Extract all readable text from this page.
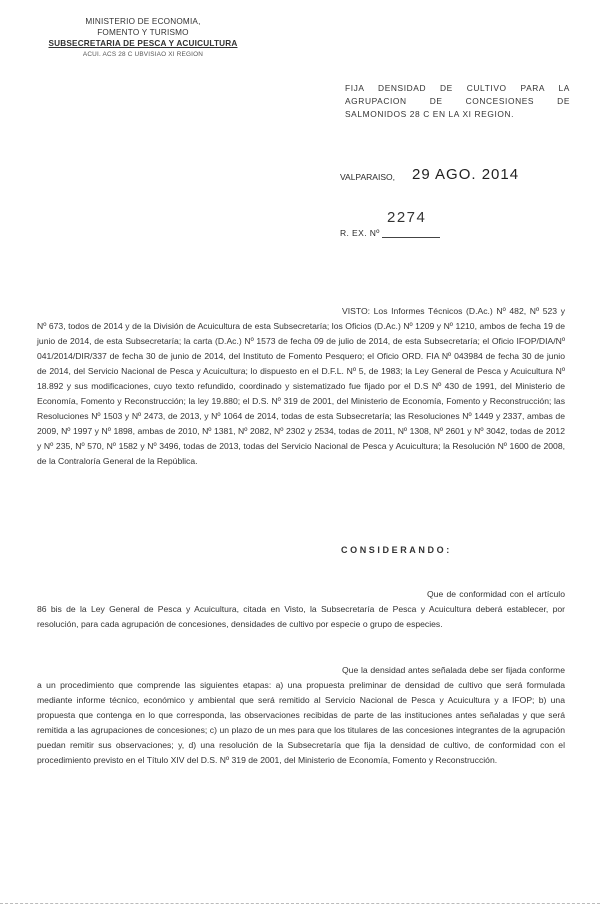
MINISTERIO DE ECONOMIA,
FOMENTO Y TURISMO
SUBSECRETARIA DE PESCA Y ACUICULTURA
ACUI. ACS 28 C UBVISIAO XI REGION
FIJA DENSIDAD DE CULTIVO PARA LA AGRUPACION DE CONCESIONES DE SALMONIDOS 28 C EN LA XI REGION.
VALPARAISO, 29 AGO. 2014
R. EX. Nº
2274
VISTO: Los Informes Técnicos (D.Ac.) Nº 482, Nº 523 y Nº 673, todos de 2014 y de la División de Acuicultura de esta Subsecretaría; los Oficios (D.Ac.) Nº 1209 y Nº 1210, ambos de fecha 19 de junio de 2014, de esta Subsecretaría; la carta (D.Ac.) Nº 1573 de fecha 09 de julio de 2014, de esta Subsecretaría; el Oficio IFOP/DIA/Nº 041/2014/DIR/337 de fecha 30 de junio de 2014, del Instituto de Fomento Pesquero; el Oficio ORD. FIA Nº 043984 de fecha 30 de junio de 2014, del Servicio Nacional de Pesca y Acuicultura; lo dispuesto en el D.F.L. Nº 5, de 1983; la Ley General de Pesca y Acuicultura Nº 18.892 y sus modificaciones, cuyo texto refundido, coordinado y sistematizado fue fijado por el D.S Nº 430 de 1991, del Ministerio de Economía, Fomento y Reconstrucción; la ley 19.880; el D.S. Nº 319 de 2001, del Ministerio de Economía, Fomento y Reconstrucción; las Resoluciones Nº 1503 y Nº 2473, de 2013, y Nº 1064 de 2014, todas de esta Subsecretaría; las Resoluciones Nº 1449 y 2337, ambas de 2009, Nº 1997 y Nº 1898, ambas de 2010, Nº 1381, Nº 2082, Nº 2302 y 2534, todas de 2011, Nº 1308, Nº 2601 y Nº 3042, todas de 2012 y Nº 235, Nº 570, Nº 1582 y Nº 3496, todas de 2013, todas del Servicio Nacional de Pesca y Acuicultura; la Resolución Nº 1600 de 2008, de la Contraloría General de la República.
CONSIDERANDO:
Que de conformidad con el artículo 86 bis de la Ley General de Pesca y Acuicultura, citada en Visto, la Subsecretaría de Pesca y Acuicultura deberá establecer, por resolución, para cada agrupación de concesiones, densidades de cultivo por especie o grupo de especies.
Que la densidad antes señalada debe ser fijada conforme a un procedimiento que comprende las siguientes etapas: a) una propuesta preliminar de densidad de cultivo que será formulada mediante informe técnico, económico y ambiental que será remitido al Servicio Nacional de Pesca y Acuicultura y a IFOP; b) una propuesta que contenga en lo que corresponda, las observaciones recibidas de parte de las instituciones antes señaladas y que será remitida a las agrupaciones de concesiones; c) un plazo de un mes para que los titulares de las concesiones integrantes de la agrupación puedan remitir sus observaciones; y, d) una resolución de la Subsecretaría que fija la densidad de cultivo, de conformidad con el procedimiento previsto en el Título XIV del D.S. Nº 319 de 2001, del Ministerio de Economía, Fomento y Reconstrucción.
